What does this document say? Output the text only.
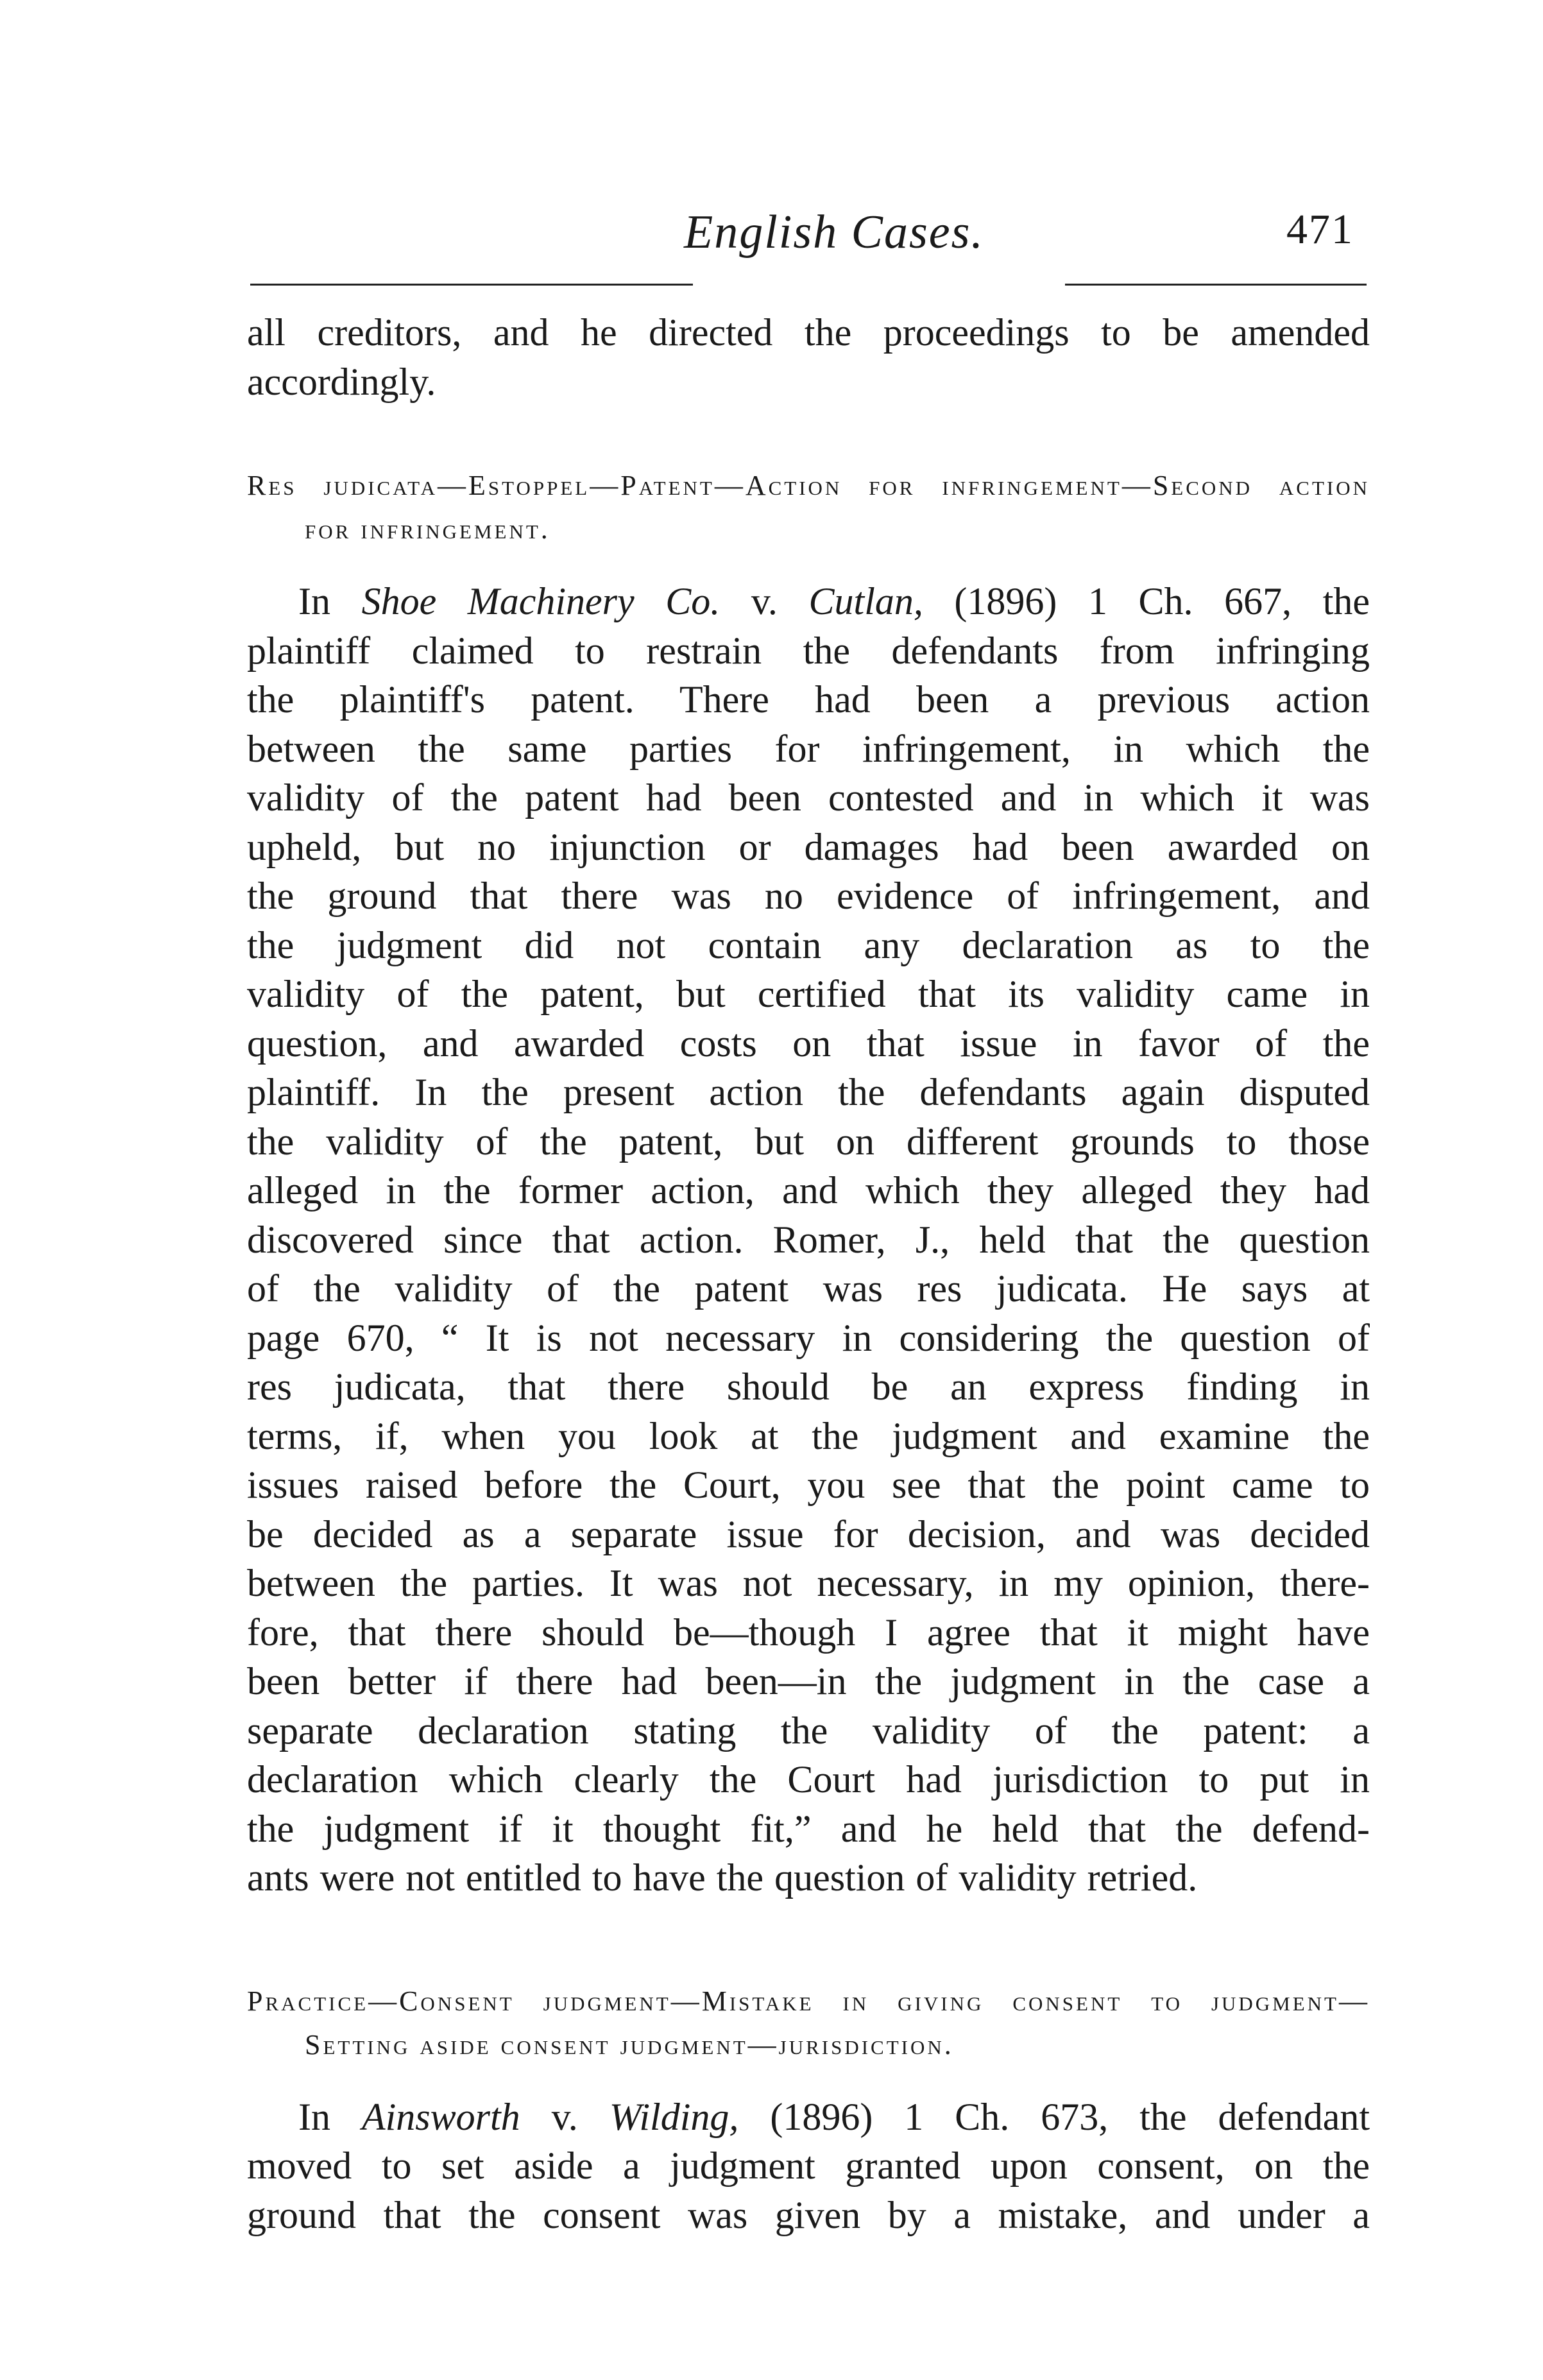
English Cases.	471

all creditors, and he directed the proceedings to be amended
accordingly.

Res judicata—Estoppel—Patent—Action for infringement—Second action
for infringement.

In Shoe Machinery Co. v. Cutlan, (1896) 1 Ch. 667, the
plaintiff claimed to restrain the defendants from infringing
the plaintiff's patent. There had been a previous action
between the same parties for infringement, in which the
validity of the patent had been contested and in which it was
upheld, but no injunction or damages had been awarded on
the ground that there was no evidence of infringement, and
the judgment did not contain any declaration as to the
validity of the patent, but certified that its validity came in
question, and awarded costs on that issue in favor of the
plaintiff. In the present action the defendants again disputed
the validity of the patent, but on different grounds to those
alleged in the former action, and which they alleged they had
discovered since that action. Romer, J., held that the question
of the validity of the patent was res judicata. He says at
page 670, “ It is not necessary in considering the question of
res judicata, that there should be an express finding in
terms, if, when you look at the judgment and examine the
issues raised before the Court, you see that the point came to
be decided as a separate issue for decision, and was decided
between the parties. It was not necessary, in my opinion, there-
fore, that there should be—though I agree that it might have
been better if there had been—in the judgment in the case a
separate declaration stating the validity of the patent: a
declaration which clearly the Court had jurisdiction to put in
the judgment if it thought fit,” and he held that the defend-
ants were not entitled to have the question of validity retried.

Practice—Consent judgment—Mistake in giving consent to judgment—
Setting aside consent judgment—jurisdiction.

In Ainsworth v. Wilding, (1896) 1 Ch. 673, the defendant
moved to set aside a judgment granted upon consent, on the
ground that the consent was given by a mistake, and under a
